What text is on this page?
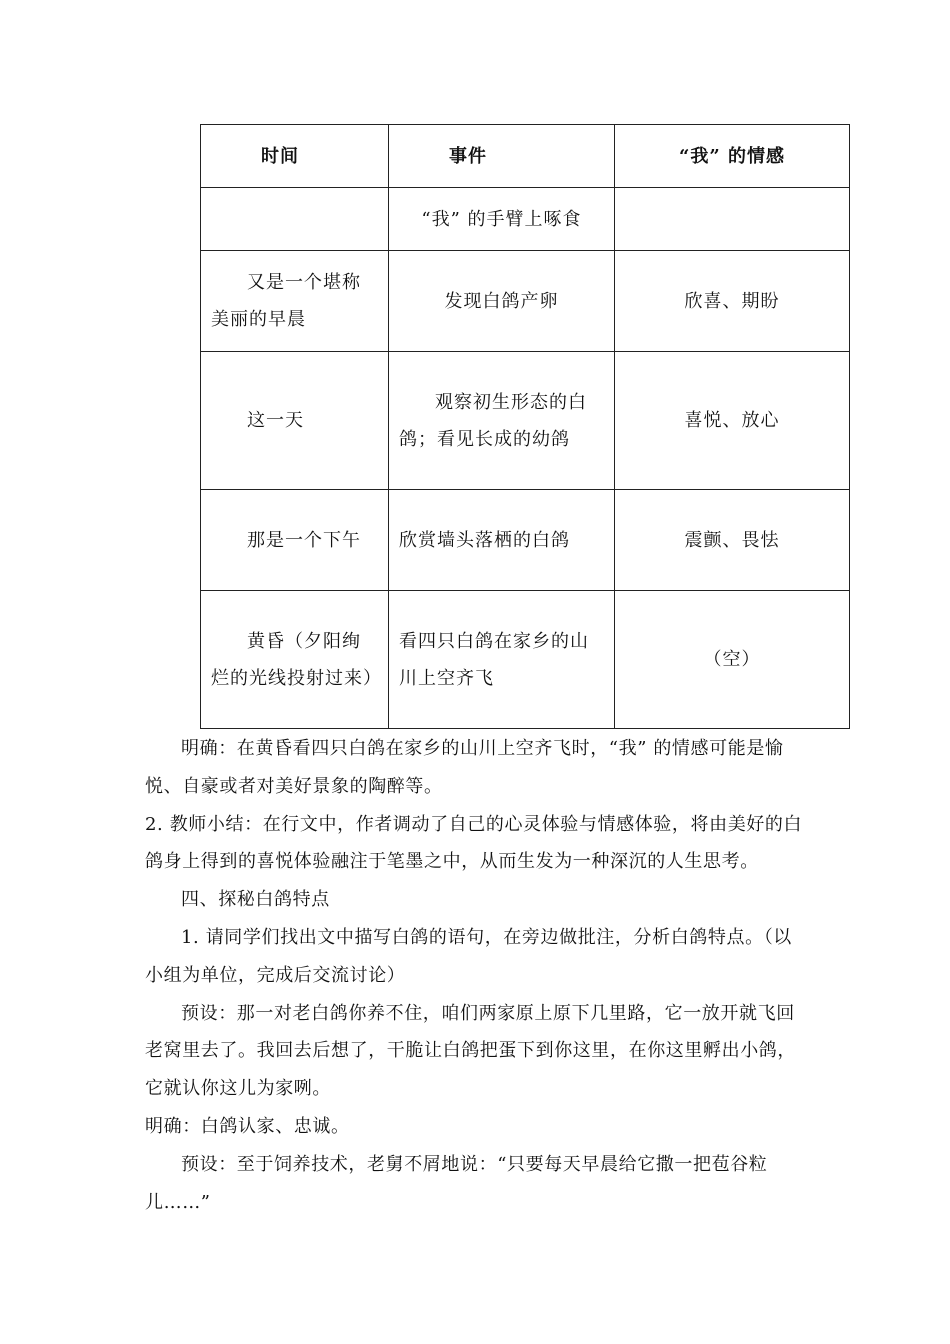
时间	事件	“我” 的情感
	“我” 的手臂上啄食	
又是一个堪称美丽的早晨	发现白鸽产卵	欣喜、期盼
这一天	观察初生形态的白鸽；看见长成的幼鸽	喜悦、放心
那是一个下午	欣赏墙头落栖的白鸽	震颤、畏怯
黄昏（夕阳绚烂的光线投射过来）	看四只白鸽在家乡的山川上空齐飞	（空）

明确：在黄昏看四只白鸽在家乡的山川上空齐飞时，“我” 的情感可能是愉悦、自豪或者对美好景象的陶醉等。

2. 教师小结：在行文中，作者调动了自己的心灵体验与情感体验，将由美好的白鸽身上得到的喜悦体验融注于笔墨之中，从而生发为一种深沉的人生思考。

四、探秘白鸽特点

1. 请同学们找出文中描写白鸽的语句，在旁边做批注，分析白鸽特点。（以小组为单位，完成后交流讨论）

预设：那一对老白鸽你养不住，咱们两家原上原下几里路，它一放开就飞回老窝里去了。我回去后想了，干脆让白鸽把蛋下到你这里，在你这里孵出小鸽，它就认你这儿为家咧。

明确：白鸽认家、忠诚。

预设：至于饲养技术，老舅不屑地说：“只要每天早晨给它撒一把苞谷粒儿……”
